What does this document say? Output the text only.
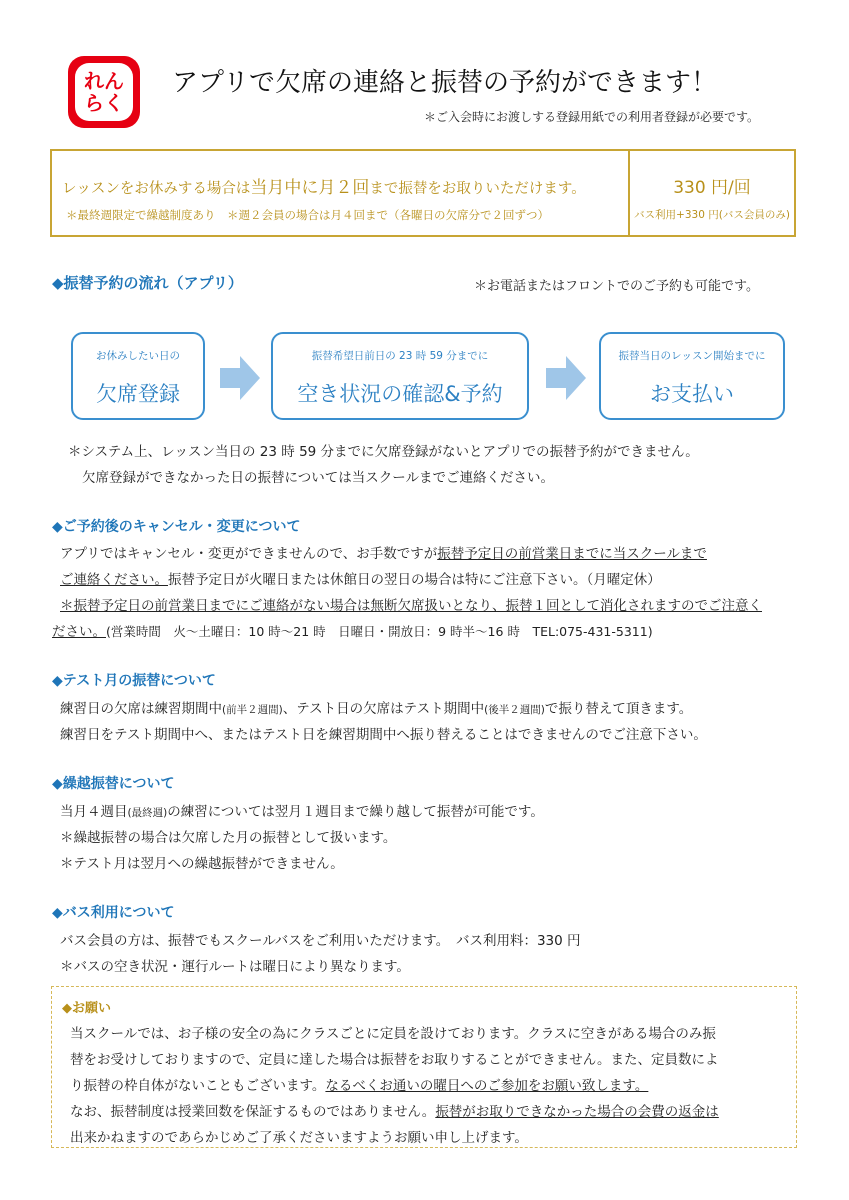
れん
らく
アプリで欠席の連絡と振替の予約ができます！
＊ご入会時にお渡しする登録用紙での利用者登録が必要です。
レッスンをお休みする場合は当月中に月２回まで振替をお取りいただけます。
＊最終週限定で繰越制度あり　＊週２会員の場合は月４回まで（各曜日の欠席分で２回ずつ）
330 円/回
バス利用+330 円(バス会員のみ)
◆振替予約の流れ（アプリ）	＊お電話またはフロントでのご予約も可能です。
お休みしたい日の
欠席登録
振替希望日前日の 23 時 59 分までに
空き状況の確認&予約
振替当日のレッスン開始までに
お支払い
＊システム上、レッスン当日の 23 時 59 分までに欠席登録がないとアプリでの振替予約ができません。
欠席登録ができなかった日の振替については当スクールまでご連絡ください。
◆ご予約後のキャンセル・変更について
アプリではキャンセル・変更ができませんので、お手数ですが振替予定日の前営業日までに当スクールまで
ご連絡ください。振替予定日が火曜日または休館日の翌日の場合は特にご注意下さい。（月曜定休）
＊振替予定日の前営業日までにご連絡がない場合は無断欠席扱いとなり、振替１回として消化されますのでご注意く
ださい。(営業時間　火～土曜日：10 時～21 時　日曜日・開放日：9 時半～16 時　TEL:075-431-5311)
◆テスト月の振替について
練習日の欠席は練習期間中(前半２週間)、テスト日の欠席はテスト期間中(後半２週間)で振り替えて頂きます。
練習日をテスト期間中へ、またはテスト日を練習期間中へ振り替えることはできませんのでご注意下さい。
◆繰越振替について
当月４週目(最終週)の練習については翌月１週目まで繰り越して振替が可能です。
＊繰越振替の場合は欠席した月の振替として扱います。
＊テスト月は翌月への繰越振替ができません。
◆バス利用について
バス会員の方は、振替でもスクールバスをご利用いただけます。　バス利用料：330 円
＊バスの空き状況・運行ルートは曜日により異なります。
◆お願い
当スクールでは、お子様の安全の為にクラスごとに定員を設けております。クラスに空きがある場合のみ振
替をお受けしておりますので、定員に達した場合は振替をお取りすることができません。また、定員数によ
り振替の枠自体がないこともございます。なるべくお通いの曜日へのご参加をお願い致します。
なお、振替制度は授業回数を保証するものではありません。振替がお取りできなかった場合の会費の返金は
出来かねますのであらかじめご了承くださいますようお願い申し上げます。
